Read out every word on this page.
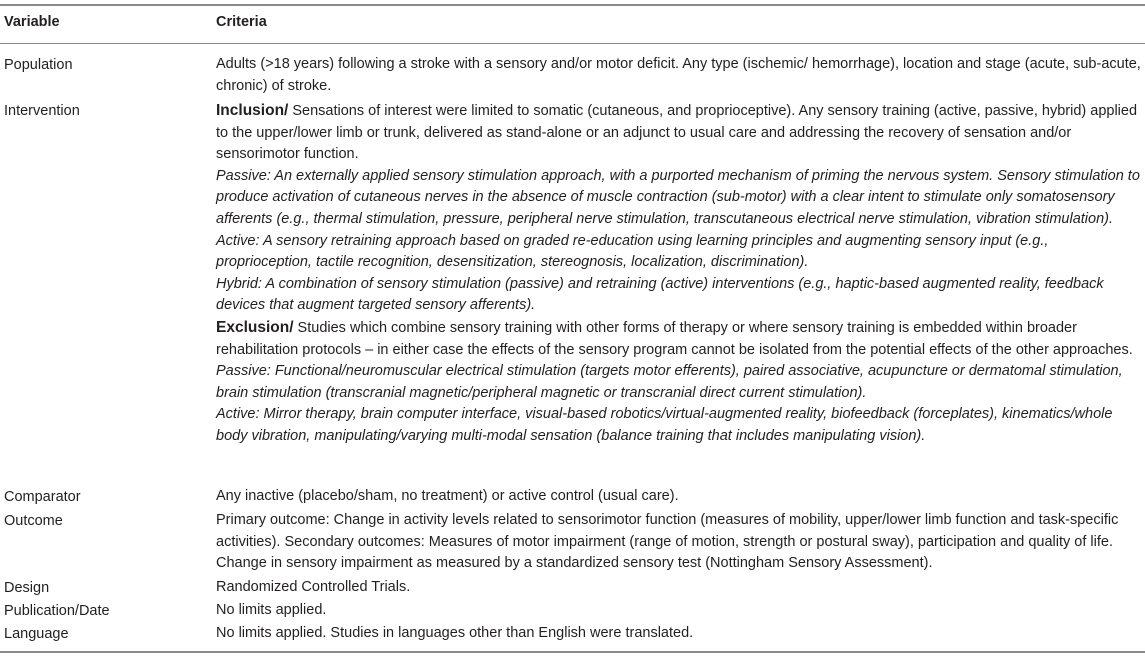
Variable	Criteria
Population	Adults (>18 years) following a stroke with a sensory and/or motor deficit. Any type (ischemic/ hemorrhage), location and stage (acute, sub-acute, chronic) of stroke.

Intervention	Inclusion/ Sensations of interest were limited to somatic (cutaneous, and proprioceptive). Any sensory training (active, passive, hybrid) applied to the upper/lower limb or trunk, delivered as stand-alone or an adjunct to usual care and addressing the recovery of sensation and/or sensorimotor function.

Passive: An externally applied sensory stimulation approach, with a purported mechanism of priming the nervous system. Sensory stimulation to produce activation of cutaneous nerves in the absence of muscle contraction (sub-motor) with a clear intent to stimulate only somatosensory afferents (e.g., thermal stimulation, pressure, peripheral nerve stimulation, transcutaneous electrical nerve stimulation, vibration stimulation).

Active: A sensory retraining approach based on graded re-education using learning principles and augmenting sensory input (e.g., proprioception, tactile recognition, desensitization, stereognosis, localization, discrimination).

Hybrid: A combination of sensory stimulation (passive) and retraining (active) interventions (e.g., haptic-based augmented reality, feedback devices that augment targeted sensory afferents).

Exclusion/ Studies which combine sensory training with other forms of therapy or where sensory training is embedded within broader rehabilitation protocols – in either case the effects of the sensory program cannot be isolated from the potential effects of the other approaches.

Passive: Functional/neuromuscular electrical stimulation (targets motor efferents), paired associative, acupuncture or dermatomal stimulation, brain stimulation (transcranial magnetic/peripheral magnetic or transcranial direct current stimulation).

Active: Mirror therapy, brain computer interface, visual-based robotics/virtual-augmented reality, biofeedback (forceplates), kinematics/whole body vibration, manipulating/varying multi-modal sensation (balance training that includes manipulating vision).

Comparator	Any inactive (placebo/sham, no treatment) or active control (usual care).

Outcome	Primary outcome: Change in activity levels related to sensorimotor function (measures of mobility, upper/lower limb function and task-specific activities). Secondary outcomes: Measures of motor impairment (range of motion, strength or postural sway), participation and quality of life. Change in sensory impairment as measured by a standardized sensory test (Nottingham Sensory Assessment).

Design	Randomized Controlled Trials.

Publication/Date	No limits applied.

Language	No limits applied. Studies in languages other than English were translated.
